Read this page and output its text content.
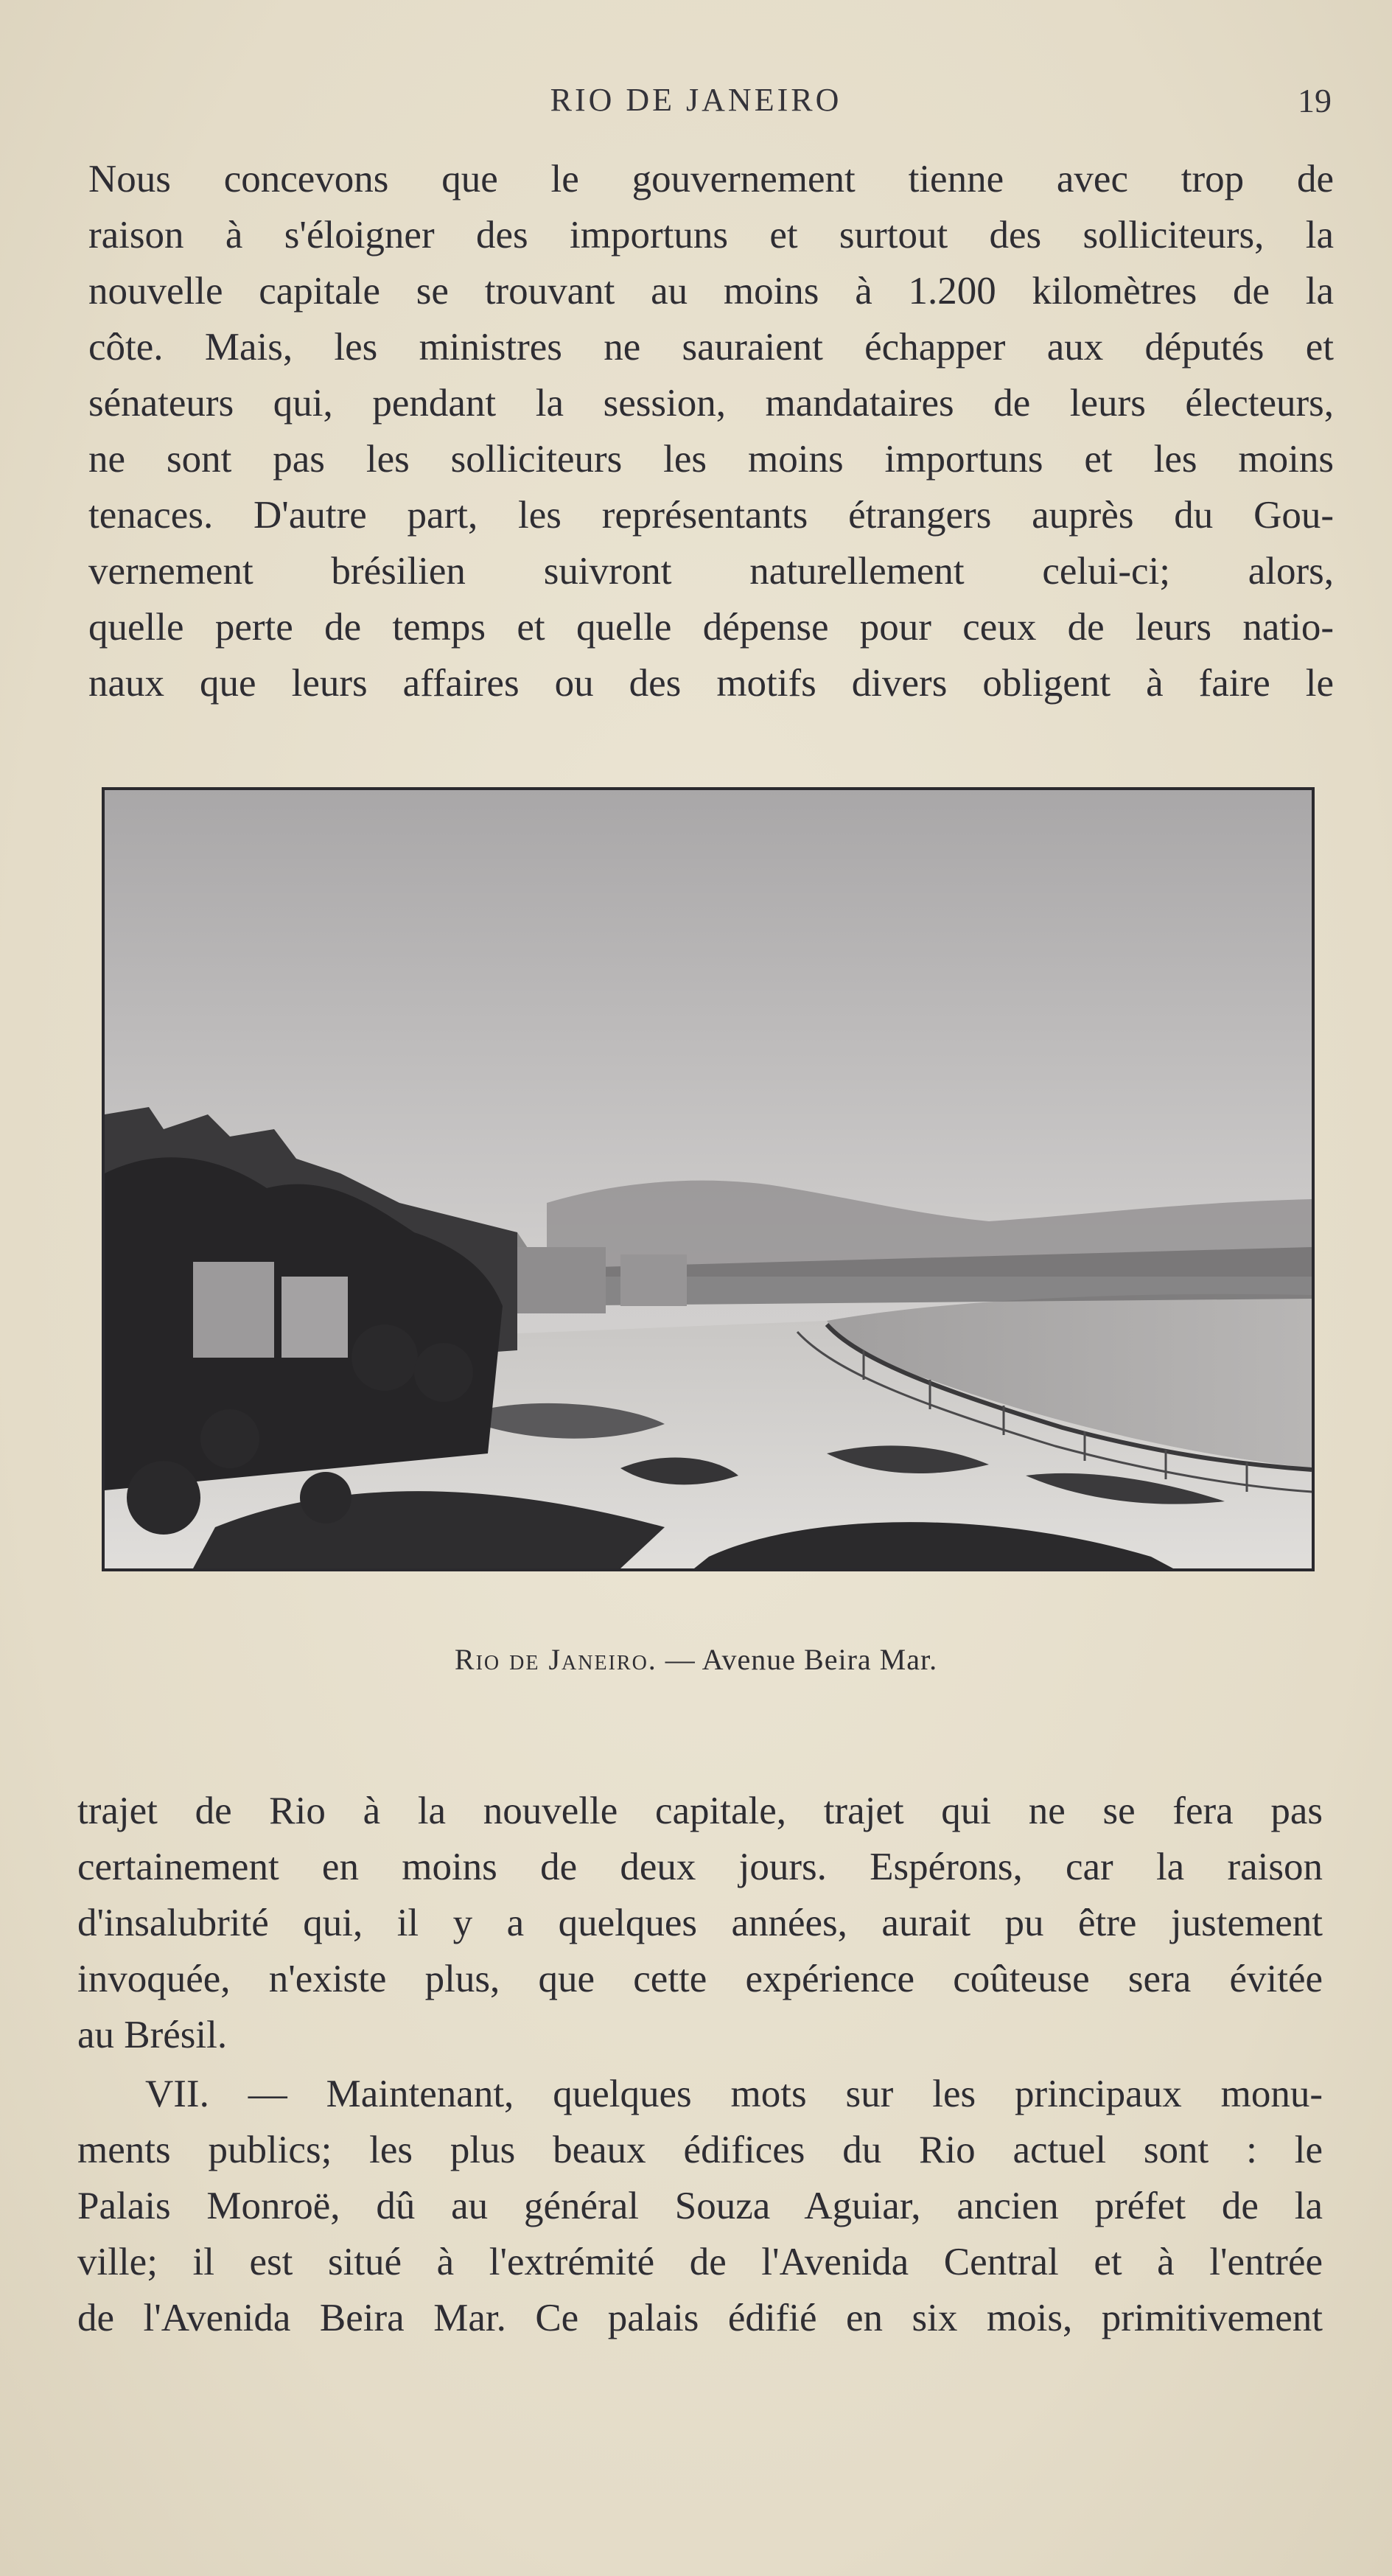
RIO DE JANEIRO	19

Nous concevons que le gouvernement tienne avec trop de
raison à s'éloigner des importuns et surtout des solliciteurs, la
nouvelle capitale se trouvant au moins à 1.200 kilomètres de la
côte. Mais, les ministres ne sauraient échapper aux députés et
sénateurs qui, pendant la session, mandataires de leurs électeurs,
ne sont pas les solliciteurs les moins importuns et les moins
tenaces. D'autre part, les représentants étrangers auprès du Gou-
vernement brésilien suivront naturellement celui-ci; alors,
quelle perte de temps et quelle dépense pour ceux de leurs natio-
naux que leurs affaires ou des motifs divers obligent à faire le

Rio de Janeiro. — Avenue Beira Mar.

trajet de Rio à la nouvelle capitale, trajet qui ne se fera pas
certainement en moins de deux jours. Espérons, car la raison
d'insalubrité qui, il y a quelques années, aurait pu être justement
invoquée, n'existe plus, que cette expérience coûteuse sera évitée
au Brésil.

VII. — Maintenant, quelques mots sur les principaux monu-
ments publics; les plus beaux édifices du Rio actuel sont : le
Palais Monroë, dû au général Souza Aguiar, ancien préfet de la
ville; il est situé à l'extrémité de l'Avenida Central et à l'entrée
de l'Avenida Beira Mar. Ce palais édifié en six mois, primitivement
